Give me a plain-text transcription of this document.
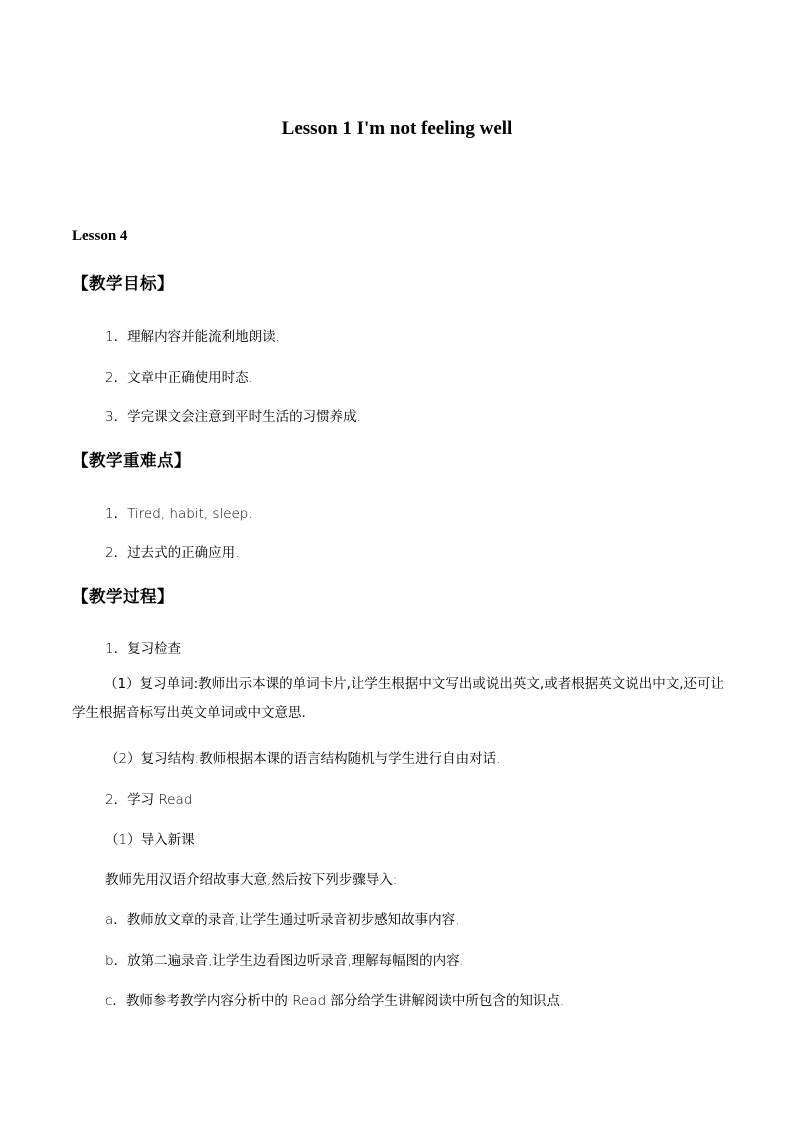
Lesson 1 I'm not feeling well
Lesson 4
【教学目标】
1．理解内容并能流利地朗读.
2．文章中正确使用时态.
3．学完课文会注意到平时生活的习惯养成.
【教学重难点】
1．Tired, habit, sleep.
2．过去式的正确应用.
【教学过程】
1．复习检查
（1）复习单词:教师出示本课的单词卡片,让学生根据中文写出或说出英文,或者根据英文说出中文,还可让学生根据音标写出英文单词或中文意思.
（2）复习结构:教师根据本课的语言结构随机与学生进行自由对话.
2．学习 Read
（1）导入新课
教师先用汉语介绍故事大意,然后按下列步骤导入:
a．教师放文章的录音,让学生通过听录音初步感知故事内容.
b．放第二遍录音,让学生边看图边听录音,理解每幅图的内容.
c．教师参考教学内容分析中的 Read 部分给学生讲解阅读中所包含的知识点.
